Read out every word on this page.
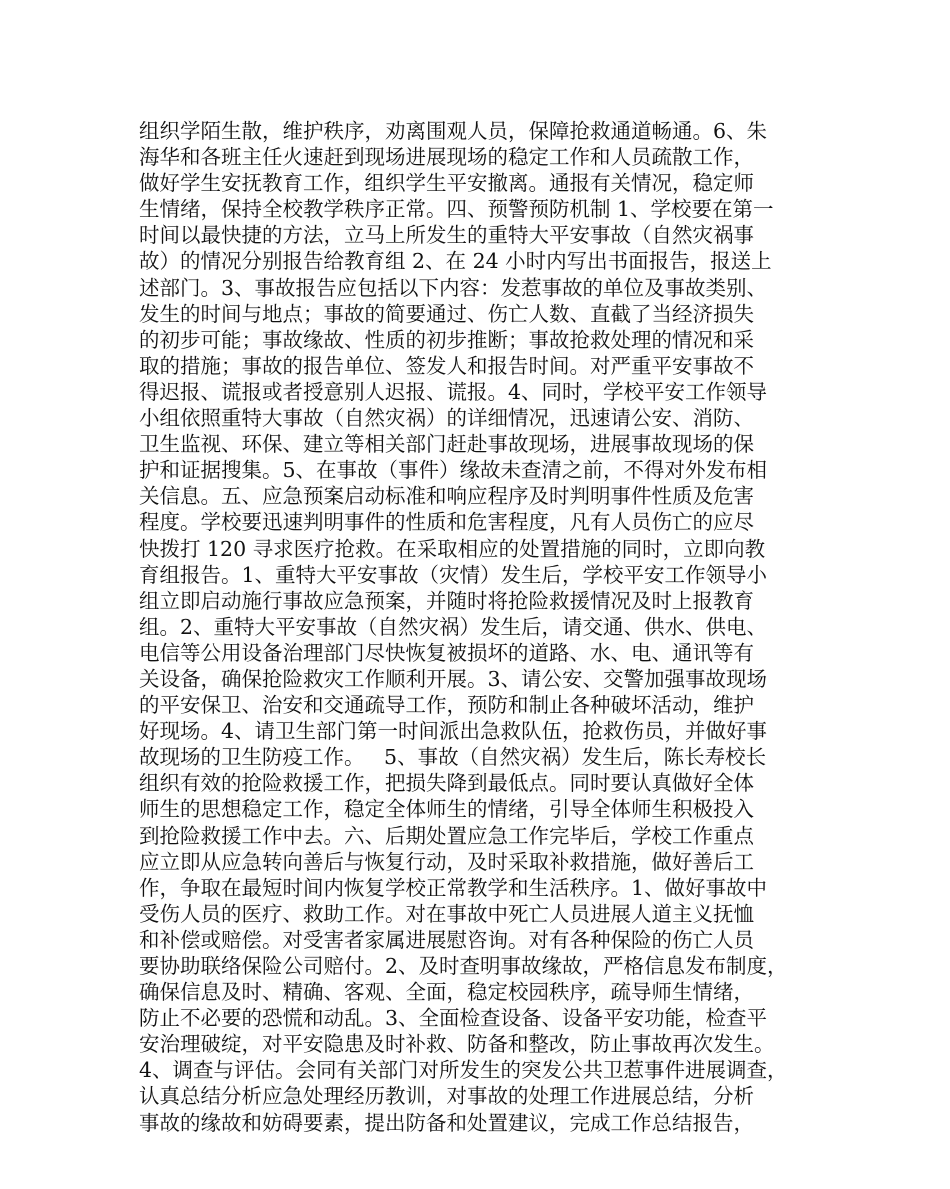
组织学陌生散，维护秩序，劝离围观人员，保障抢救通道畅通。6、朱
海华和各班主任火速赶到现场进展现场的稳定工作和人员疏散工作，
做好学生安抚教育工作，组织学生平安撤离。通报有关情况，稳定师
生情绪，保持全校教学秩序正常。四、预警预防机制 1、学校要在第一
时间以最快捷的方法，立马上所发生的重特大平安事故（自然灾祸事
故）的情况分别报告给教育组 2、在 24 小时内写出书面报告，报送上
述部门。3、事故报告应包括以下内容：发惹事故的单位及事故类别、
发生的时间与地点；事故的简要通过、伤亡人数、直截了当经济损失
的初步可能；事故缘故、性质的初步推断；事故抢救处理的情况和采
取的措施；事故的报告单位、签发人和报告时间。对严重平安事故不
得迟报、谎报或者授意别人迟报、谎报。4、同时，学校平安工作领导
小组依照重特大事故（自然灾祸）的详细情况，迅速请公安、消防、
卫生监视、环保、建立等相关部门赶赴事故现场，进展事故现场的保
护和证据搜集。5、在事故（事件）缘故未查清之前，不得对外发布相
关信息。五、应急预案启动标准和响应程序及时判明事件性质及危害
程度。学校要迅速判明事件的性质和危害程度，凡有人员伤亡的应尽
快拨打 120 寻求医疗抢救。在采取相应的处置措施的同时，立即向教
育组报告。1、重特大平安事故（灾情）发生后，学校平安工作领导小
组立即启动施行事故应急预案，并随时将抢险救援情况及时上报教育
组。2、重特大平安事故（自然灾祸）发生后，请交通、供水、供电、
电信等公用设备治理部门尽快恢复被损坏的道路、水、电、通讯等有
关设备，确保抢险救灾工作顺利开展。3、请公安、交警加强事故现场
的平安保卫、治安和交通疏导工作，预防和制止各种破坏活动，维护
好现场。4、请卫生部门第一时间派出急救队伍，抢救伤员，并做好事
故现场的卫生防疫工作。   5、事故（自然灾祸）发生后，陈长寿校长
组织有效的抢险救援工作，把损失降到最低点。同时要认真做好全体
师生的思想稳定工作，稳定全体师生的情绪，引导全体师生积极投入
到抢险救援工作中去。六、后期处置应急工作完毕后，学校工作重点
应立即从应急转向善后与恢复行动，及时采取补救措施，做好善后工
作，争取在最短时间内恢复学校正常教学和生活秩序。1、做好事故中
受伤人员的医疗、救助工作。对在事故中死亡人员进展人道主义抚恤
和补偿或赔偿。对受害者家属进展慰咨询。对有各种保险的伤亡人员
要协助联络保险公司赔付。2、及时查明事故缘故，严格信息发布制度，
确保信息及时、精确、客观、全面，稳定校园秩序，疏导师生情绪，
防止不必要的恐慌和动乱。3、全面检查设备、设备平安功能，检查平
安治理破绽，对平安隐患及时补救、防备和整改，防止事故再次发生。
4、调查与评估。会同有关部门对所发生的突发公共卫惹事件进展调查，
认真总结分析应急处理经历教训，对事故的处理工作进展总结，分析
事故的缘故和妨碍要素，提出防备和处置建议，完成工作总结报告，
